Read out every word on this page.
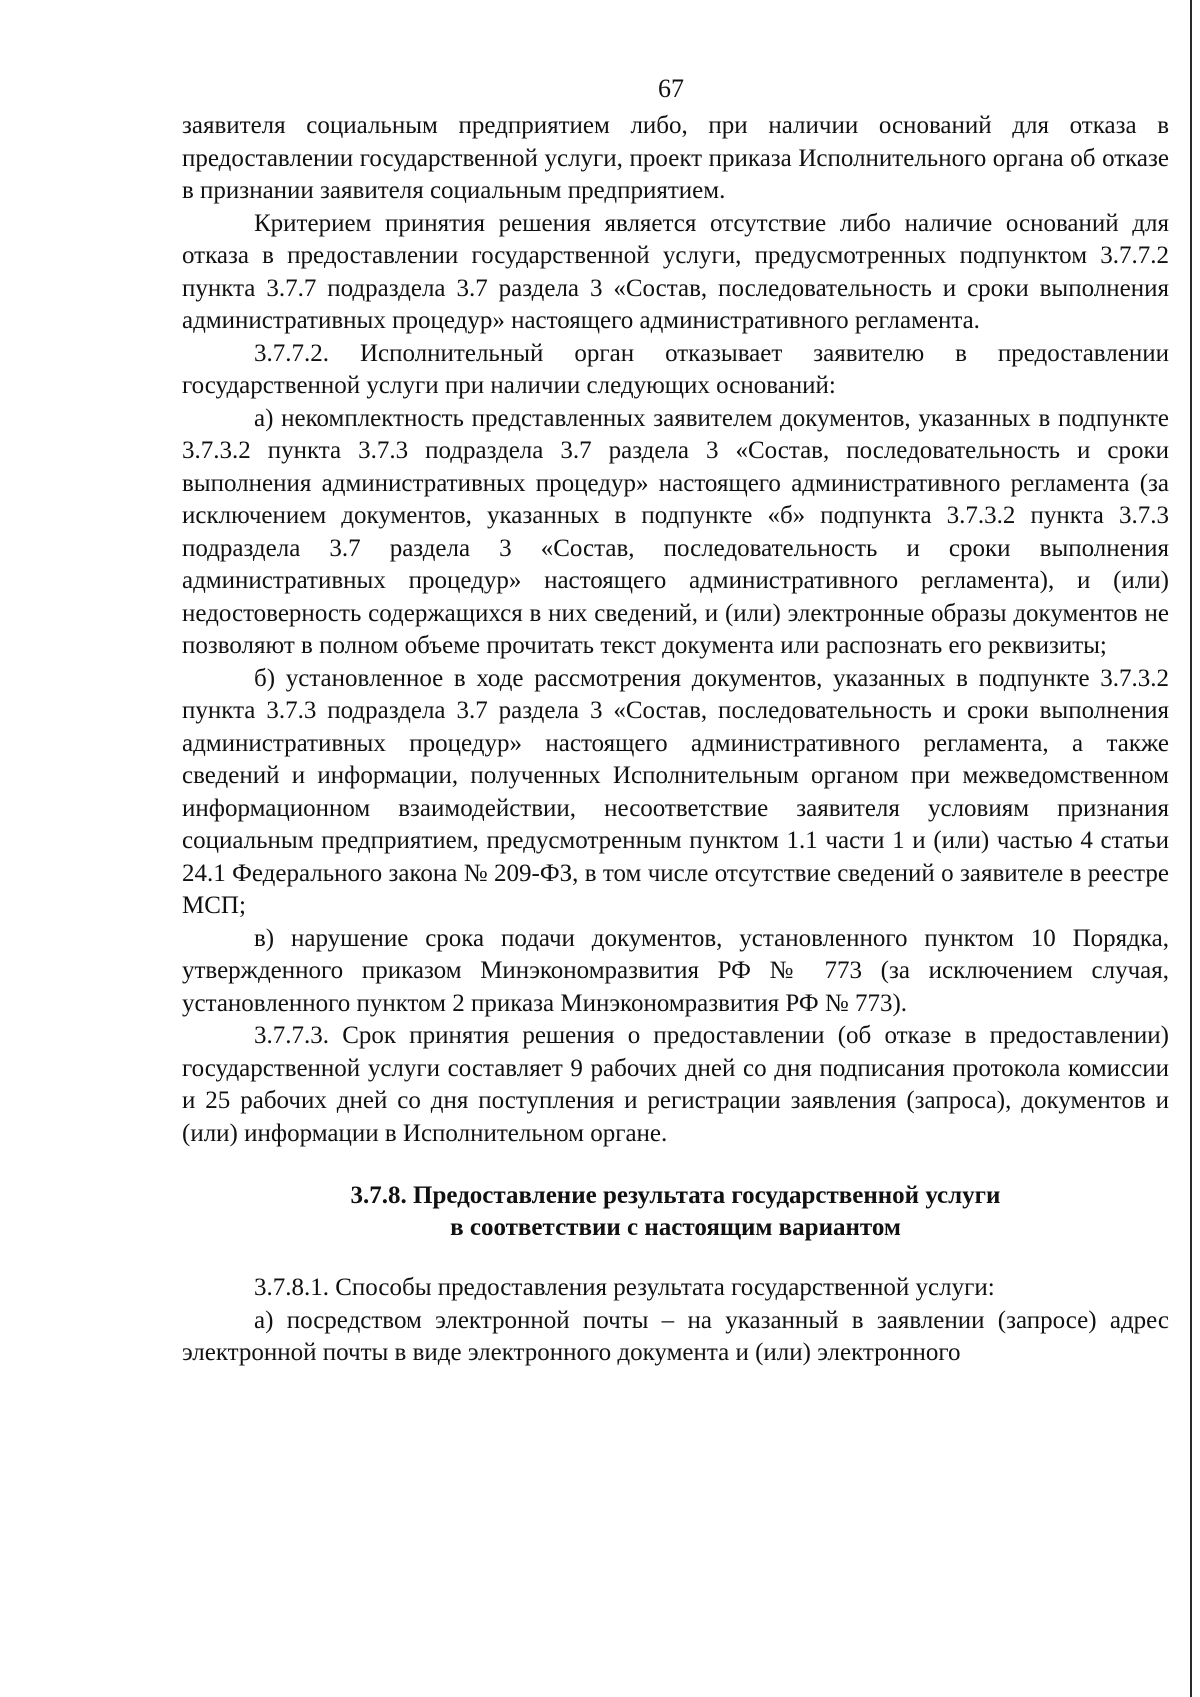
67

заявителя социальным предприятием либо, при наличии оснований для отказа в предоставлении государственной услуги, проект приказа Исполнительного органа об отказе в признании заявителя социальным предприятием.

Критерием принятия решения является отсутствие либо наличие оснований для отказа в предоставлении государственной услуги, предусмотренных подпунктом 3.7.7.2 пункта 3.7.7 подраздела 3.7 раздела 3 «Состав, последовательность и сроки выполнения административных процедур» настоящего административного регламента.

3.7.7.2. Исполнительный орган отказывает заявителю в предоставлении государственной услуги при наличии следующих оснований:

а) некомплектность представленных заявителем документов, указанных в подпункте 3.7.3.2 пункта 3.7.3 подраздела 3.7 раздела 3 «Состав, последовательность и сроки выполнения административных процедур» настоящего административного регламента (за исключением документов, указанных в подпункте «б» подпункта 3.7.3.2 пункта 3.7.3 подраздела 3.7 раздела 3 «Состав, последовательность и сроки выполнения административных процедур» настоящего административного регламента), и (или) недостоверность содержащихся в них сведений, и (или) электронные образы документов не позволяют в полном объеме прочитать текст документа или распознать его реквизиты;

б) установленное в ходе рассмотрения документов, указанных в подпункте 3.7.3.2 пункта 3.7.3 подраздела 3.7 раздела 3 «Состав, последовательность и сроки выполнения административных процедур» настоящего административного регламента, а также сведений и информации, полученных Исполнительным органом при межведомственном информационном взаимодействии, несоответствие заявителя условиям признания социальным предприятием, предусмотренным пунктом 1.1 части 1 и (или) частью 4 статьи 24.1 Федерального закона № 209-ФЗ, в том числе отсутствие сведений о заявителе в реестре МСП;

в) нарушение срока подачи документов, установленного пунктом 10 Порядка, утвержденного приказом Минэкономразвития РФ № 773 (за исключением случая, установленного пунктом 2 приказа Минэкономразвития РФ № 773).

3.7.7.3. Срок принятия решения о предоставлении (об отказе в предоставлении) государственной услуги составляет 9 рабочих дней со дня подписания протокола комиссии и 25 рабочих дней со дня поступления и регистрации заявления (запроса), документов и (или) информации в Исполнительном органе.

3.7.8. Предоставление результата государственной услуги
в соответствии с настоящим вариантом

3.7.8.1. Способы предоставления результата государственной услуги:

а) посредством электронной почты – на указанный в заявлении (запросе) адрес электронной почты в виде электронного документа и (или) электронного
